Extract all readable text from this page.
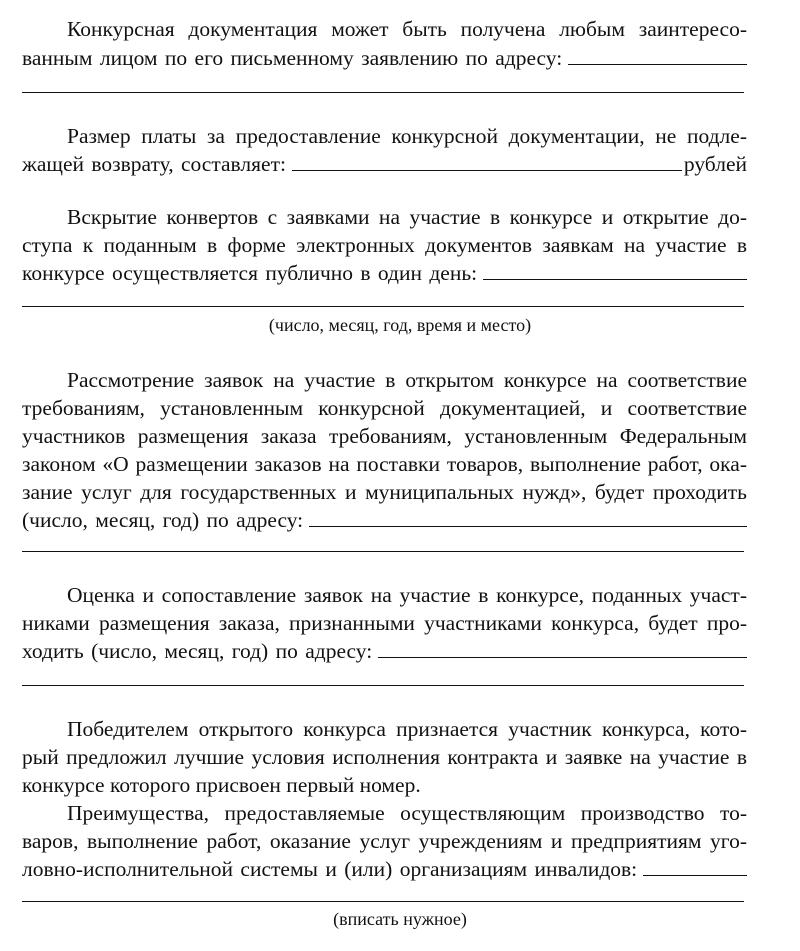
Конкурсная документация может быть получена любым заинтересо-
ванным лицом по его письменному заявлению по адресу:
Размер платы за предоставление конкурсной документации, не подле-
жащей возврату, составляет:	рублей
Вскрытие конвертов с заявками на участие в конкурсе и открытие до-
ступа к поданным в форме электронных документов заявкам на участие в
конкурсе осуществляется публично в один день:
(число, месяц, год, время и место)
Рассмотрение заявок на участие в открытом конкурсе на соответствие
требованиям, установленным конкурсной документацией, и соответствие
участников размещения заказа требованиям, установленным Федеральным
законом «О размещении заказов на поставки товаров, выполнение работ, ока-
зание услуг для государственных и муниципальных нужд», будет проходить
(число, месяц, год) по адресу:
Оценка и сопоставление заявок на участие в конкурсе, поданных участ-
никами размещения заказа, признанными участниками конкурса, будет про-
ходить (число, месяц, год) по адресу:
Победителем открытого конкурса признается участник конкурса, кото-
рый предложил лучшие условия исполнения контракта и заявке на участие в
конкурсе которого присвоен первый номер.
Преимущества, предоставляемые осуществляющим производство то-
варов, выполнение работ, оказание услуг учреждениям и предприятиям уго-
ловно-исполнительной системы и (или) организациям инвалидов:
(вписать нужное)
